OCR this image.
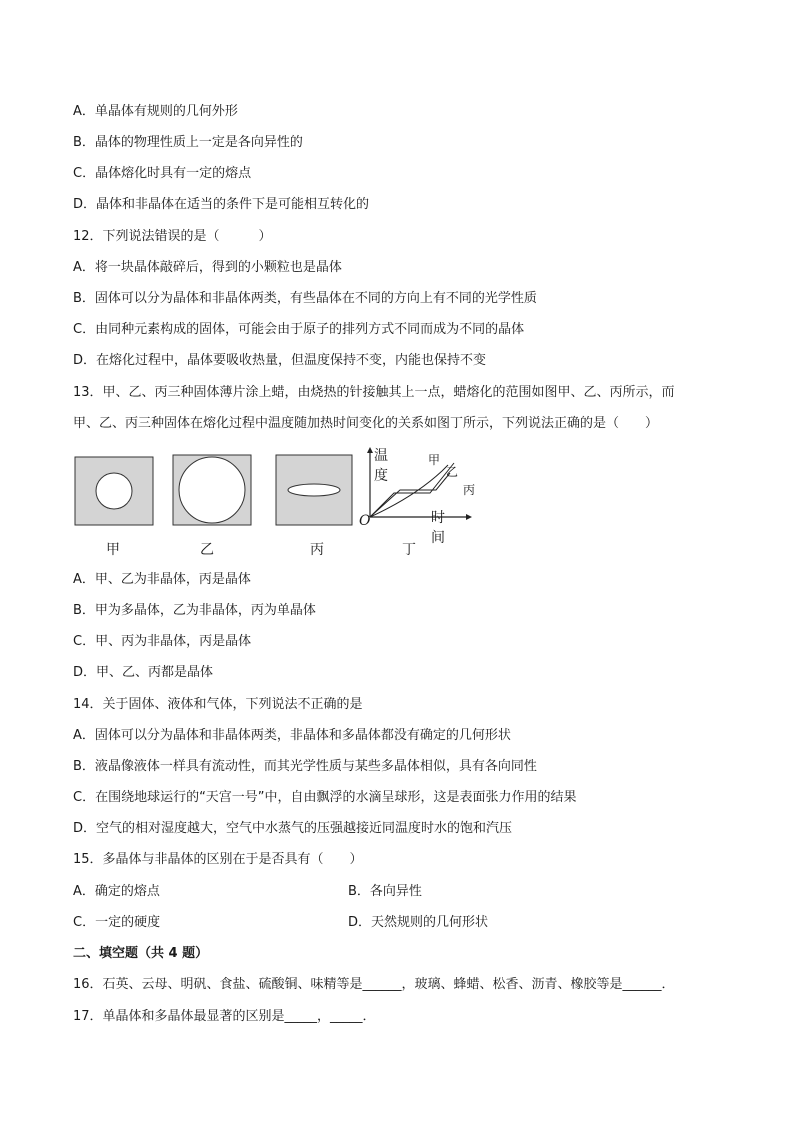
A．单晶体有规则的几何外形
B．晶体的物理性质上一定是各向异性的
C．晶体熔化时具有一定的熔点
D．晶体和非晶体在适当的条件下是可能相互转化的
12．下列说法错误的是（　　　）
A．将一块晶体敲碎后，得到的小颗粒也是晶体
B．固体可以分为晶体和非晶体两类，有些晶体在不同的方向上有不同的光学性质
C．由同种元素构成的固体，可能会由于原子的排列方式不同而成为不同的晶体
D．在熔化过程中，晶体要吸收热量，但温度保持不变，内能也保持不变
13．甲、乙、丙三种固体薄片涂上蜡，由烧热的针接触其上一点，蜡熔化的范围如图甲、乙、丙所示，而
甲、乙、丙三种固体在熔化过程中温度随加热时间变化的关系如图丁所示，下列说法正确的是（　　）
温度
时间
O
甲
乙
丙
甲	乙	丙	丁
A．甲、乙为非晶体，丙是晶体
B．甲为多晶体，乙为非晶体，丙为单晶体
C．甲、丙为非晶体，丙是晶体
D．甲、乙、丙都是晶体
14．关于固体、液体和气体，下列说法不正确的是
A．固体可以分为晶体和非晶体两类，非晶体和多晶体都没有确定的几何形状
B．液晶像液体一样具有流动性，而其光学性质与某些多晶体相似，具有各向同性
C．在围绕地球运行的“天宫一号”中，自由飘浮的水滴呈球形，这是表面张力作用的结果
D．空气的相对湿度越大，空气中水蒸气的压强越接近同温度时水的饱和汽压
15．多晶体与非晶体的区别在于是否具有（　　）
A．确定的熔点	B．各向异性
C．一定的硬度	D．天然规则的几何形状
二、填空题（共 4 题）
16．石英、云母、明矾、食盐、硫酸铜、味精等是______，玻璃、蜂蜡、松香、沥青、橡胶等是______．
17．单晶体和多晶体最显著的区别是_____，_____．
